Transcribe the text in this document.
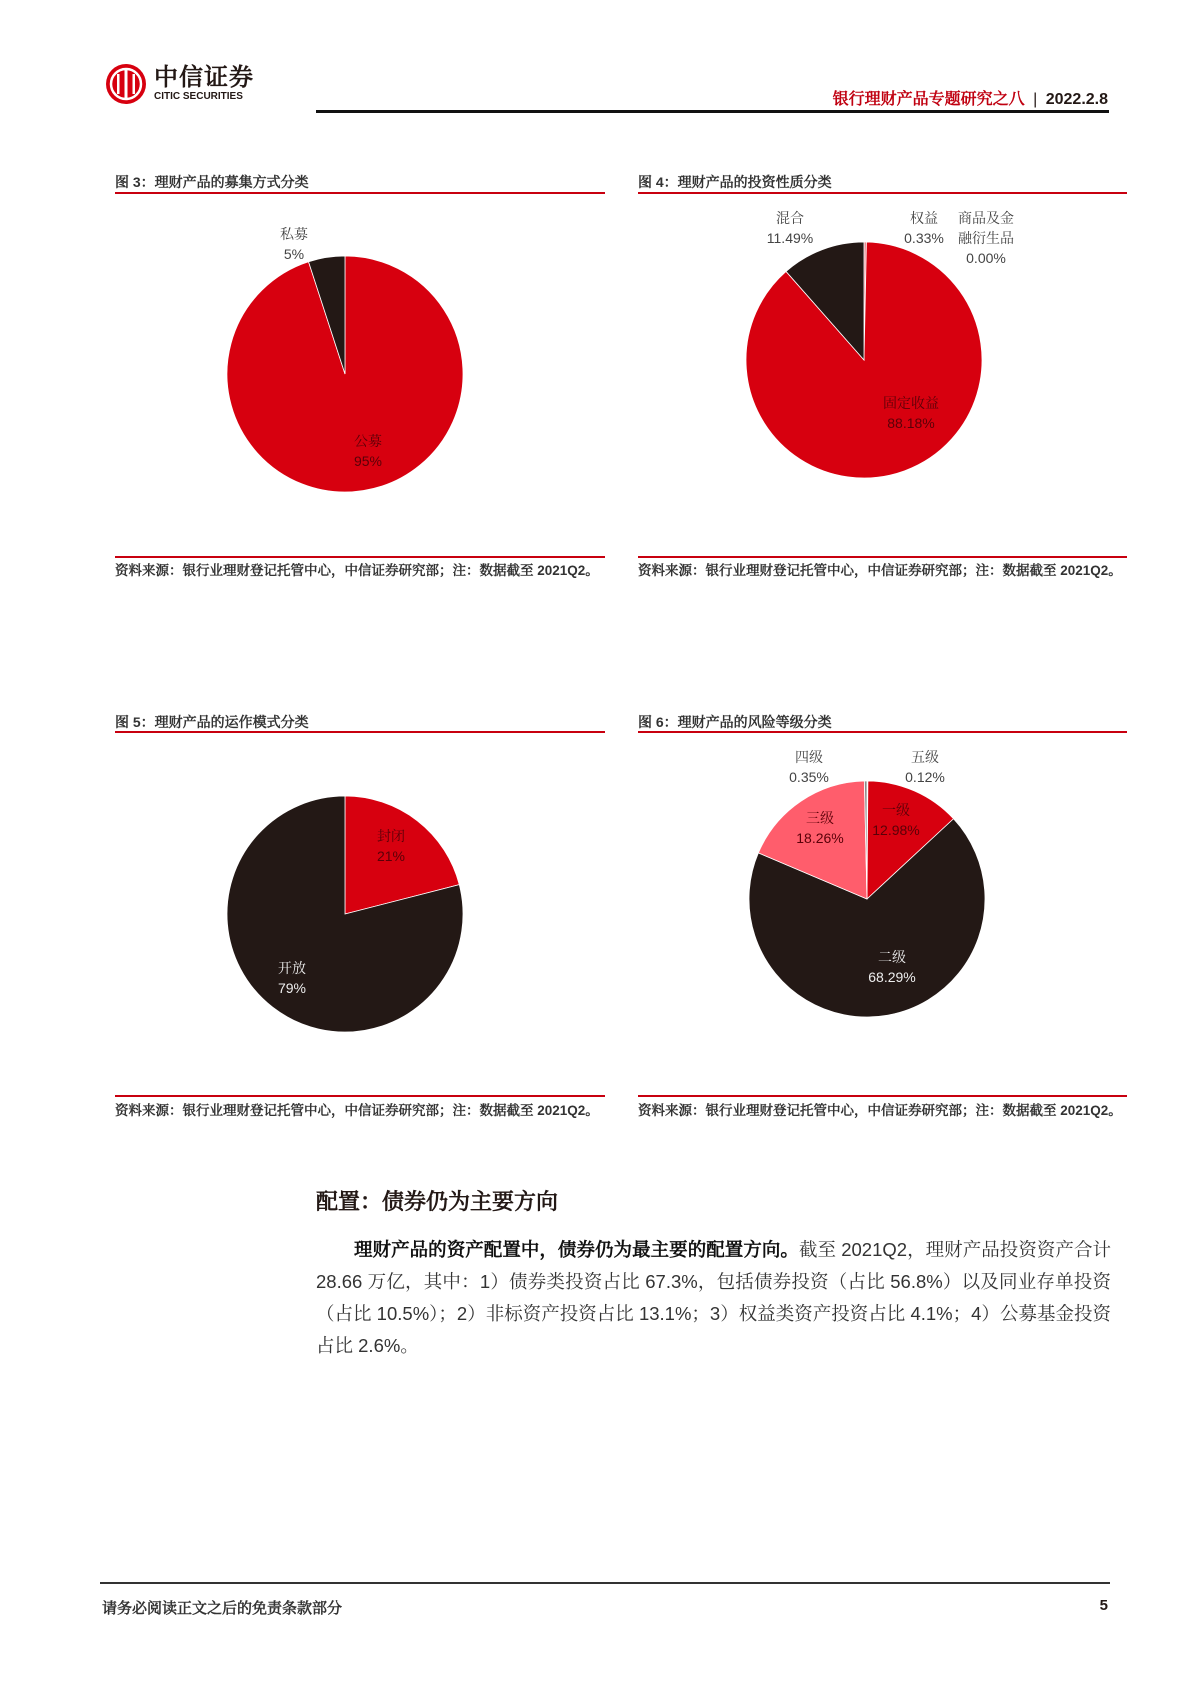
中信证券
CITIC SECURITIES	银行理财产品专题研究之八 | 2022.2.8
图 3：理财产品的募集方式分类
私募
5%
公募
95%
资料来源：银行业理财登记托管中心，中信证券研究部；注：数据截至 2021Q2。
图 4：理财产品的投资性质分类
混合
11.49%
权益
0.33%
商品及金融衍生品
0.00%
固定收益
88.18%
资料来源：银行业理财登记托管中心，中信证券研究部；注：数据截至 2021Q2。
图 5：理财产品的运作模式分类
封闭
21%
开放
79%
资料来源：银行业理财登记托管中心，中信证券研究部；注：数据截至 2021Q2。
图 6：理财产品的风险等级分类
四级
0.35%
五级
0.12%
三级
18.26%
一级
12.98%
二级
68.29%
资料来源：银行业理财登记托管中心，中信证券研究部；注：数据截至 2021Q2。
配置：债券仍为主要方向

理财产品的资产配置中，债券仍为最主要的配置方向。截至 2021Q2，理财产品投资资产合计 28.66 万亿，其中：1）债券类投资占比 67.3%，包括债券投资（占比 56.8%）以及同业存单投资（占比 10.5%）；2）非标资产投资占比 13.1%；3）权益类资产投资占比 4.1%；4）公募基金投资占比 2.6%。

请务必阅读正文之后的免责条款部分	5
